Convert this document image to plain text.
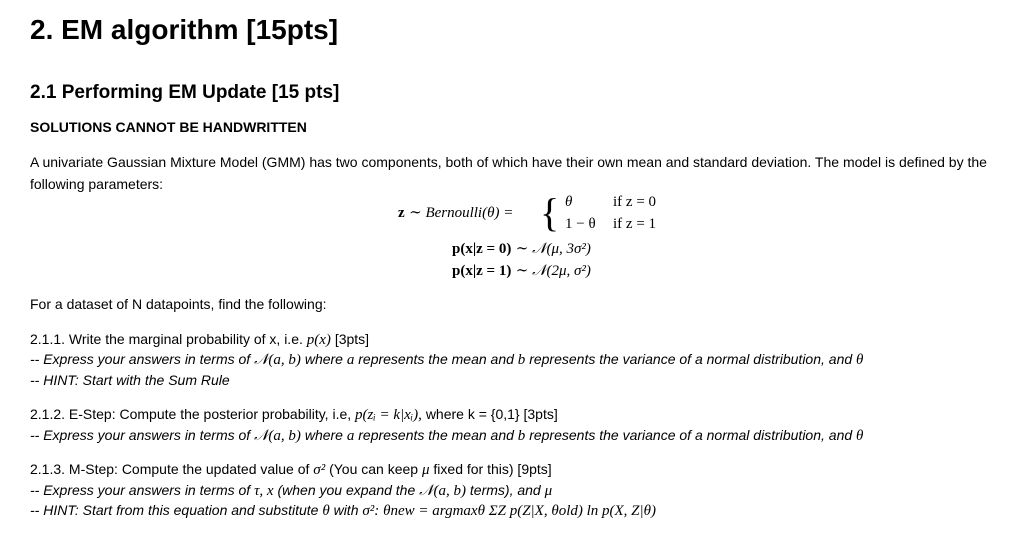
2. EM algorithm [15pts]
2.1 Performing EM Update [15 pts]
SOLUTIONS CANNOT BE HANDWRITTEN
A univariate Gaussian Mixture Model (GMM) has two components, both of which have their own mean and standard deviation. The model is defined by the
following parameters:
z ∼ Bernoulli(θ) = { θ	if z = 0
1 − θ if z = 1
p(x|z = 0) ∼ 𝒩(μ, 3σ²)
p(x|z = 1) ∼ 𝒩(2μ, σ²)
For a dataset of N datapoints, find the following:
2.1.1. Write the marginal probability of x, i.e. p(x) [3pts]
-- Express your answers in terms of 𝒩(a, b) where a represents the mean and b represents the variance of a normal distribution, and θ
-- HINT: Start with the Sum Rule
2.1.2. E-Step: Compute the posterior probability, i.e, p(zᵢ = k|xᵢ), where k = {0,1} [3pts]
-- Express your answers in terms of 𝒩(a, b) where a represents the mean and b represents the variance of a normal distribution, and θ
2.1.3. M-Step: Compute the updated value of σ² (You can keep μ fixed for this) [9pts]
-- Express your answers in terms of τ, x (when you expand the 𝒩(a, b) terms), and μ
-- HINT: Start from this equation and substitute θ with σ²: θnew = argmaxθ ΣZ p(Z|X, θold) ln p(X, Z|θ)
